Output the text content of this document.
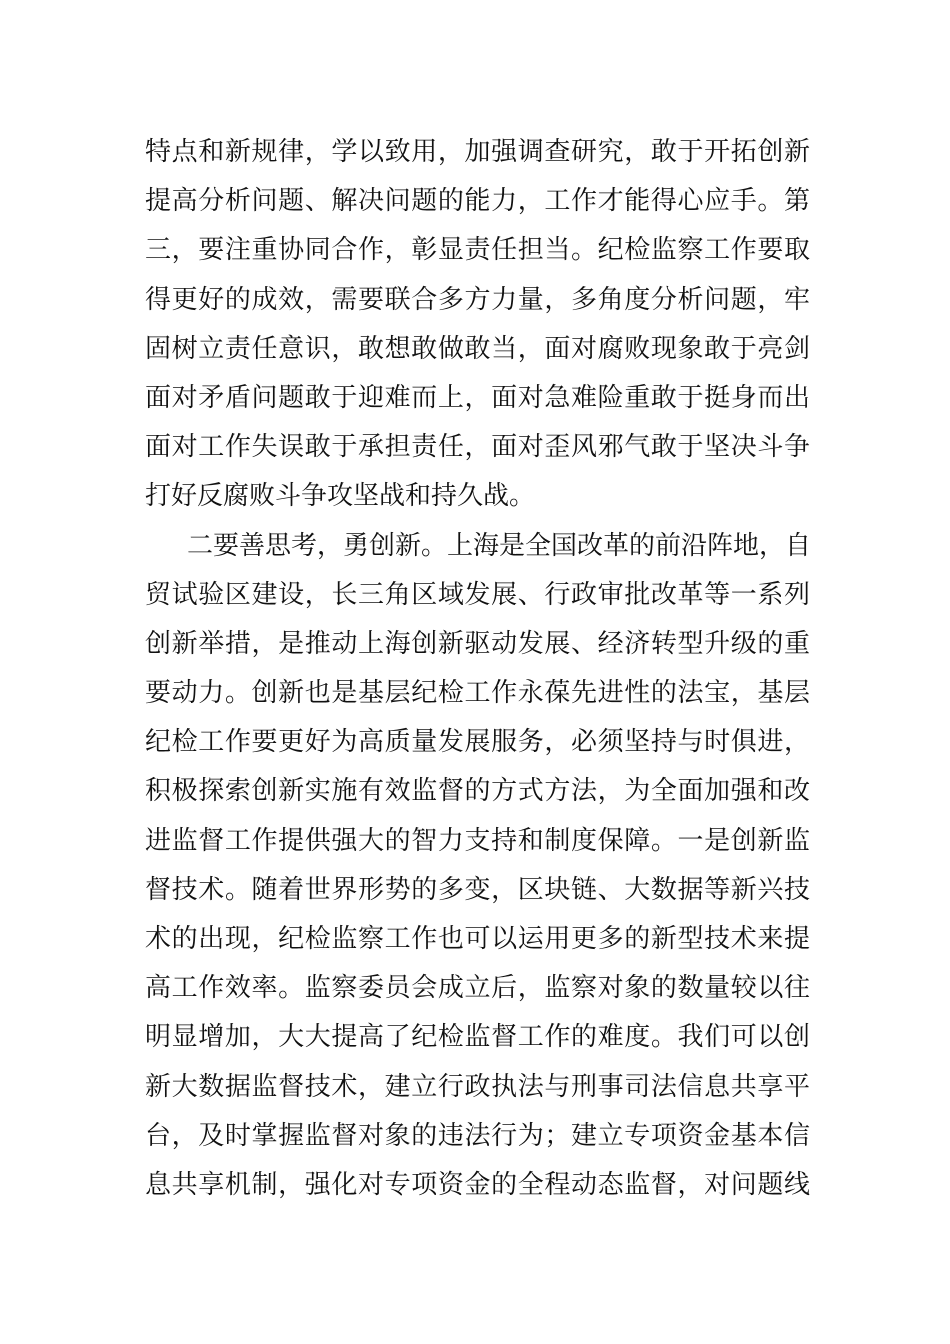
特点和新规律，学以致用，加强调查研究，敢于开拓创新
提高分析问题、解决问题的能力，工作才能得心应手。第
三，要注重协同合作，彰显责任担当。纪检监察工作要取
得更好的成效，需要联合多方力量，多角度分析问题，牢
固树立责任意识，敢想敢做敢当，面对腐败现象敢于亮剑
面对矛盾问题敢于迎难而上，面对急难险重敢于挺身而出
面对工作失误敢于承担责任，面对歪风邪气敢于坚决斗争
打好反腐败斗争攻坚战和持久战。
二要善思考，勇创新。上海是全国改革的前沿阵地，自
贸试验区建设，长三角区域发展、行政审批改革等一系列
创新举措，是推动上海创新驱动发展、经济转型升级的重
要动力。创新也是基层纪检工作永葆先进性的法宝，基层
纪检工作要更好为高质量发展服务，必须坚持与时俱进，
积极探索创新实施有效监督的方式方法，为全面加强和改
进监督工作提供强大的智力支持和制度保障。一是创新监
督技术。随着世界形势的多变，区块链、大数据等新兴技
术的出现，纪检监察工作也可以运用更多的新型技术来提
高工作效率。监察委员会成立后，监察对象的数量较以往
明显增加，大大提高了纪检监督工作的难度。我们可以创
新大数据监督技术，建立行政执法与刑事司法信息共享平
台，及时掌握监督对象的违法行为；建立专项资金基本信
息共享机制，强化对专项资金的全程动态监督，对问题线
